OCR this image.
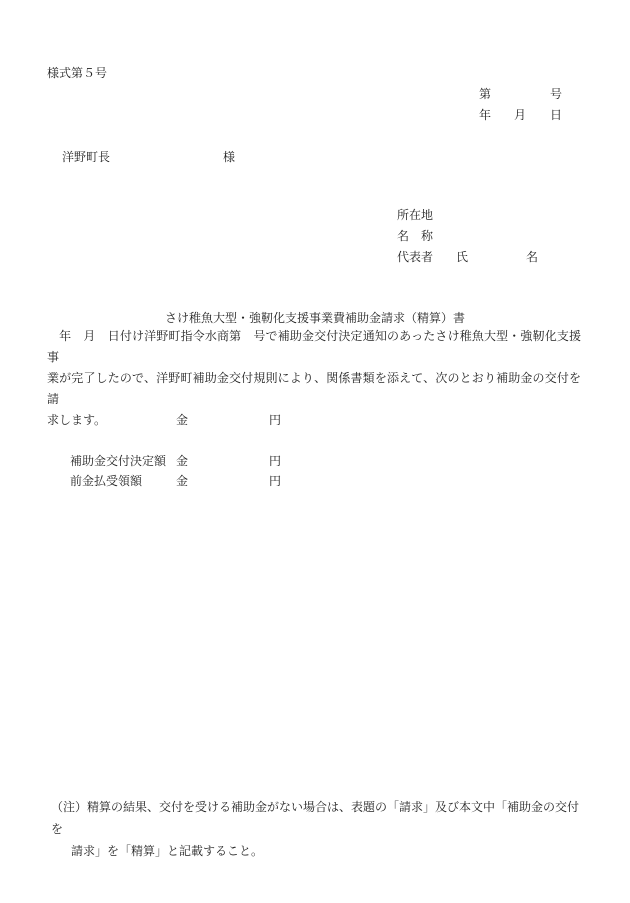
様式第５号
第	号
年 月 日
洋野町長	様
所在地
名　称
代表者 氏	名
さけ稚魚大型・強靭化支援事業費補助金請求（精算）書
　年　月　日付け洋野町指令水商第　号で補助金交付決定通知のあったさけ稚魚大型・強靭化支援事
業が完了したので、洋野町補助金交付規則により、関係書類を添えて、次のとおり補助金の交付を請
求します。	金	円
補助金交付決定額 金	円
前金払受領額	金	円
（注）精算の結果、交付を受ける補助金がない場合は、表題の「請求」及び本文中「補助金の交付を
請求」を「精算」と記載すること。
